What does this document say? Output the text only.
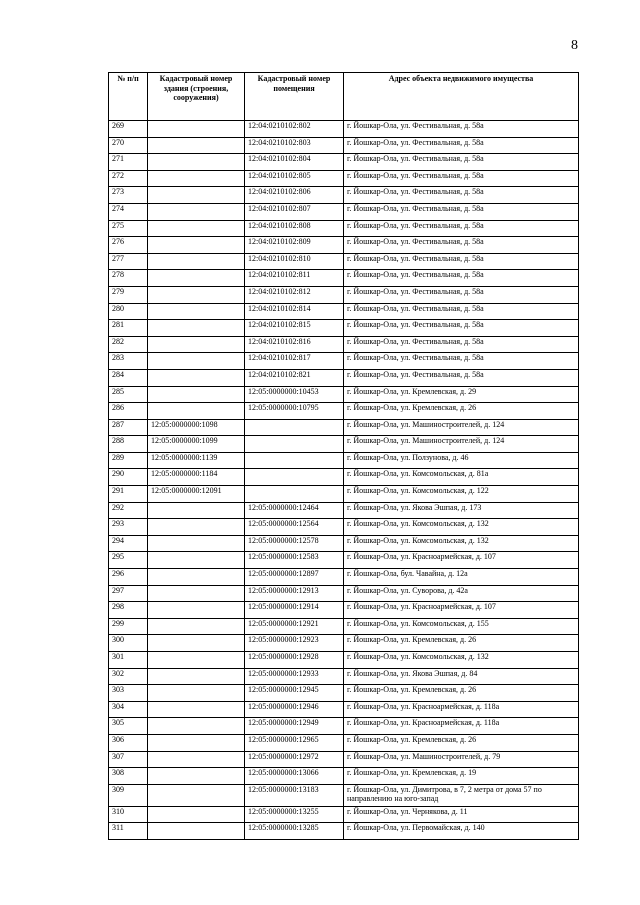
8
№ п/п	Кадастровый номер здания (строения, сооружения)	Кадастровый номер помещения	Адрес объекта недвижимого имущества
269		12:04:0210102:802	г. Йошкар-Ола, ул. Фестивальная, д. 58а
270		12:04:0210102:803	г. Йошкар-Ола, ул. Фестивальная, д. 58а
271		12:04:0210102:804	г. Йошкар-Ола, ул. Фестивальная, д. 58а
272		12:04:0210102:805	г. Йошкар-Ола, ул. Фестивальная, д. 58а
273		12:04:0210102:806	г. Йошкар-Ола, ул. Фестивальная, д. 58а
274		12:04:0210102:807	г. Йошкар-Ола, ул. Фестивальная, д. 58а
275		12:04:0210102:808	г. Йошкар-Ола, ул. Фестивальная, д. 58а
276		12:04:0210102:809	г. Йошкар-Ола, ул. Фестивальная, д. 58а
277		12:04:0210102:810	г. Йошкар-Ола, ул. Фестивальная, д. 58а
278		12:04:0210102:811	г. Йошкар-Ола, ул. Фестивальная, д. 58а
279		12:04:0210102:812	г. Йошкар-Ола, ул. Фестивальная, д. 58а
280		12:04:0210102:814	г. Йошкар-Ола, ул. Фестивальная, д. 58а
281		12:04:0210102:815	г. Йошкар-Ола, ул. Фестивальная, д. 58а
282		12:04:0210102:816	г. Йошкар-Ола, ул. Фестивальная, д. 58а
283		12:04:0210102:817	г. Йошкар-Ола, ул. Фестивальная, д. 58а
284		12:04:0210102:821	г. Йошкар-Ола, ул. Фестивальная, д. 58а
285		12:05:0000000:10453	г. Йошкар-Ола, ул. Кремлевская, д. 29
286		12:05:0000000:10795	г. Йошкар-Ола, ул. Кремлевская, д. 26
287	12:05:0000000:1098		г. Йошкар-Ола, ул. Машиностроителей, д. 124
288	12:05:0000000:1099		г. Йошкар-Ола, ул. Машиностроителей, д. 124
289	12:05:0000000:1139		г. Йошкар-Ола, ул. Ползунова, д. 46
290	12:05:0000000:1184		г. Йошкар-Ола, ул. Комсомольская, д. 81а
291	12:05:0000000:12091		г. Йошкар-Ола, ул. Комсомольская, д. 122
292		12:05:0000000:12464	г. Йошкар-Ола, ул. Якова Эшпая, д. 173
293		12:05:0000000:12564	г. Йошкар-Ола, ул. Комсомольская, д. 132
294		12:05:0000000:12578	г. Йошкар-Ола, ул. Комсомольская, д. 132
295		12:05:0000000:12583	г. Йошкар-Ола, ул. Красноармейская, д. 107
296		12:05:0000000:12897	г. Йошкар-Ола, бул. Чавайна, д. 12а
297		12:05:0000000:12913	г. Йошкар-Ола, ул. Суворова, д. 42а
298		12:05:0000000:12914	г. Йошкар-Ола, ул. Красноармейская, д. 107
299		12:05:0000000:12921	г. Йошкар-Ола, ул. Комсомольская, д. 155
300		12:05:0000000:12923	г. Йошкар-Ола, ул. Кремлевская, д. 26
301		12:05:0000000:12928	г. Йошкар-Ола, ул. Комсомольская, д. 132
302		12:05:0000000:12933	г. Йошкар-Ола, ул. Якова Эшпая, д. 84
303		12:05:0000000:12945	г. Йошкар-Ола, ул. Кремлевская, д. 26
304		12:05:0000000:12946	г. Йошкар-Ола, ул. Красноармейская, д. 118а
305		12:05:0000000:12949	г. Йошкар-Ола, ул. Красноармейская, д. 118а
306		12:05:0000000:12965	г. Йошкар-Ола, ул. Кремлевская, д. 26
307		12:05:0000000:12972	г. Йошкар-Ола, ул. Машиностроителей, д. 79
308		12:05:0000000:13066	г. Йошкар-Ола, ул. Кремлевская, д. 19
309		12:05:0000000:13183	г. Йошкар-Ола, ул. Димитрова, в 7, 2 метра от дома 57 по направлению на юго-запад
310		12:05:0000000:13255	г. Йошкар-Ола, ул. Чернякова, д. 11
311		12:05:0000000:13285	г. Йошкар-Ола, ул. Первомайская, д. 140
